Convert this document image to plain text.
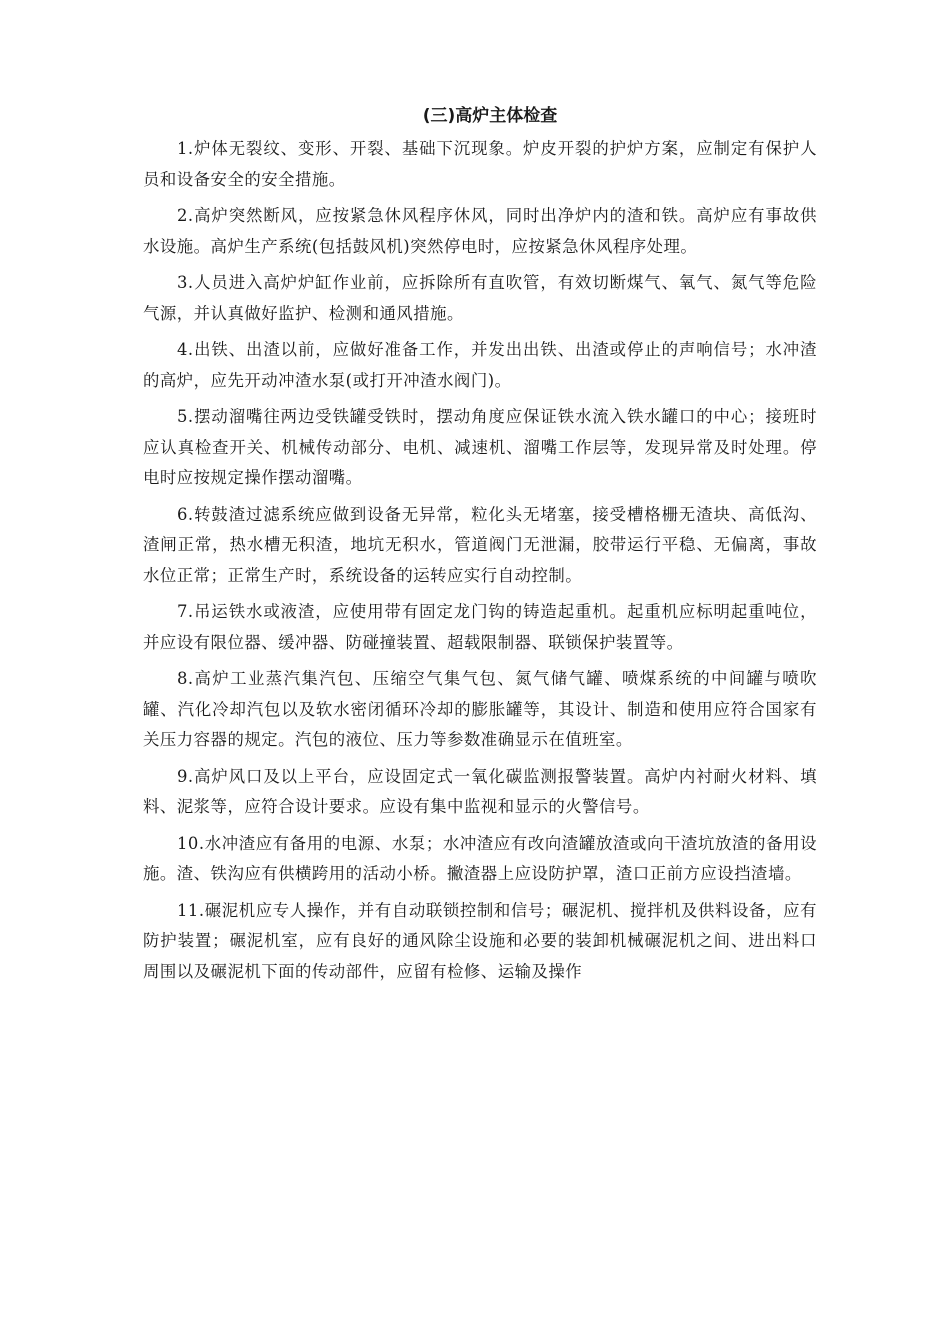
(三)高炉主体检查

1.炉体无裂纹、变形、开裂、基础下沉现象。炉皮开裂的护炉方案，应制定有保护人员和设备安全的安全措施。

2.高炉突然断风，应按紧急休风程序休风，同时出净炉内的渣和铁。高炉应有事故供水设施。高炉生产系统(包括鼓风机)突然停电时，应按紧急休风程序处理。

3.人员进入高炉炉缸作业前，应拆除所有直吹管，有效切断煤气、氧气、氮气等危险气源，并认真做好监护、检测和通风措施。

4.出铁、出渣以前，应做好准备工作，并发出出铁、出渣或停止的声响信号；水冲渣的高炉，应先开动冲渣水泵(或打开冲渣水阀门)。

5.摆动溜嘴往两边受铁罐受铁时，摆动角度应保证铁水流入铁水罐口的中心；接班时应认真检查开关、机械传动部分、电机、减速机、溜嘴工作层等，发现异常及时处理。停电时应按规定操作摆动溜嘴。

6.转鼓渣过滤系统应做到设备无异常，粒化头无堵塞，接受槽格栅无渣块、高低沟、渣闸正常，热水槽无积渣，地坑无积水，管道阀门无泄漏，胶带运行平稳、无偏离，事故水位正常；正常生产时，系统设备的运转应实行自动控制。

7.吊运铁水或液渣，应使用带有固定龙门钩的铸造起重机。起重机应标明起重吨位，并应设有限位器、缓冲器、防碰撞装置、超载限制器、联锁保护装置等。

8.高炉工业蒸汽集汽包、压缩空气集气包、氮气储气罐、喷煤系统的中间罐与喷吹罐、汽化冷却汽包以及软水密闭循环冷却的膨胀罐等，其设计、制造和使用应符合国家有关压力容器的规定。汽包的液位、压力等参数准确显示在值班室。

9.高炉风口及以上平台，应设固定式一氧化碳监测报警装置。高炉内衬耐火材料、填料、泥浆等，应符合设计要求。应设有集中监视和显示的火警信号。

10.水冲渣应有备用的电源、水泵；水冲渣应有改向渣罐放渣或向干渣坑放渣的备用设施。渣、铁沟应有供横跨用的活动小桥。撇渣器上应设防护罩，渣口正前方应设挡渣墙。

11.碾泥机应专人操作，并有自动联锁控制和信号；碾泥机、搅拌机及供料设备，应有防护装置；碾泥机室，应有良好的通风除尘设施和必要的装卸机械碾泥机之间、进出料口周围以及碾泥机下面的传动部件，应留有检修、运输及操作
